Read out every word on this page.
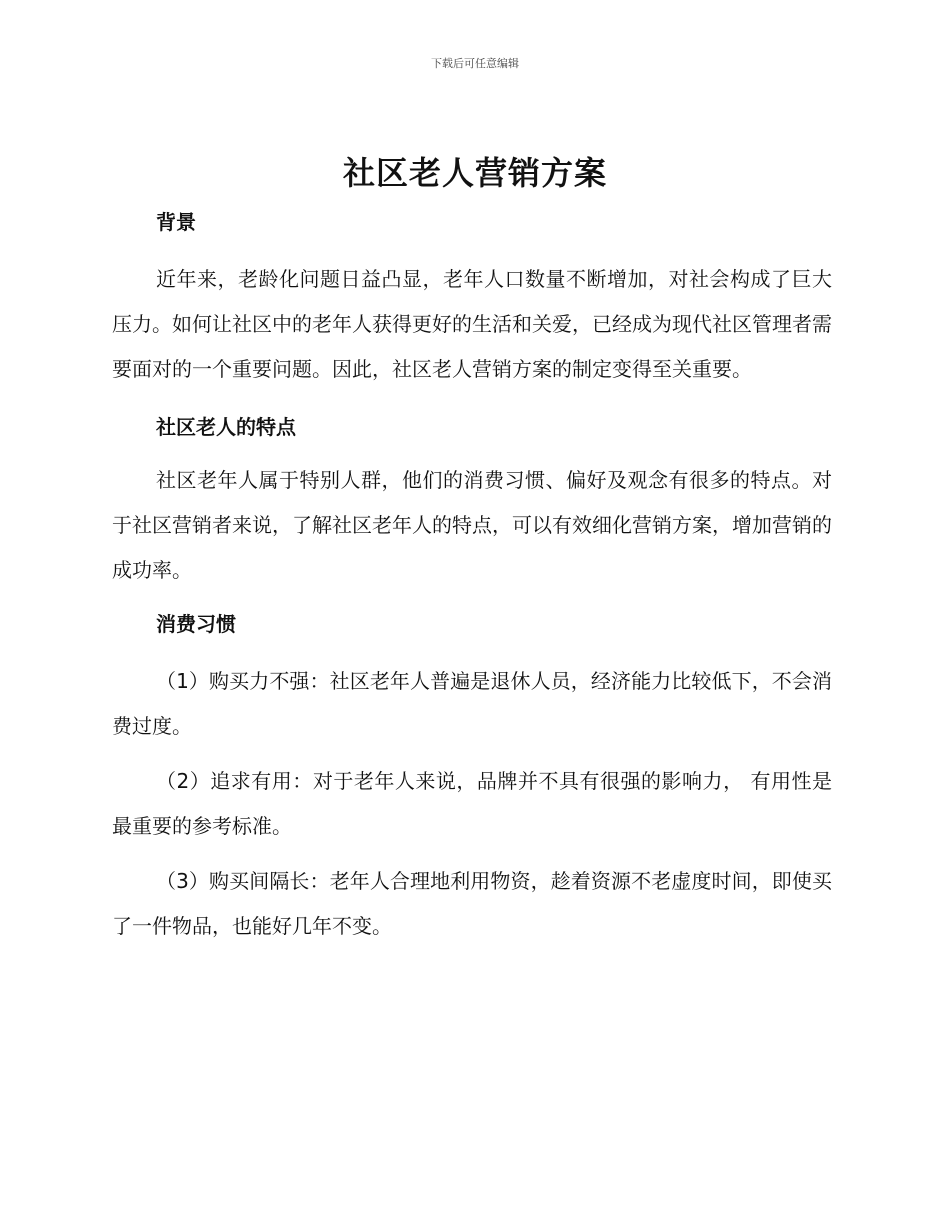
下载后可任意编辑
社区老人营销方案
背景

近年来，老龄化问题日益凸显，老年人口数量不断增加，对社会构成了巨大压力。如何让社区中的老年人获得更好的生活和关爱，已经成为现代社区管理者需要面对的一个重要问题。因此，社区老人营销方案的制定变得至关重要。

社区老人的特点

社区老年人属于特别人群，他们的消费习惯、偏好及观念有很多的特点。对于社区营销者来说，了解社区老年人的特点，可以有效细化营销方案，增加营销的成功率。

消费习惯

（1）购买力不强：社区老年人普遍是退休人员，经济能力比较低下，不会消费过度。

（2）追求有用：对于老年人来说，品牌并不具有很强的影响力， 有用性是最重要的参考标准。

（3）购买间隔长：老年人合理地利用物资，趁着资源不老虚度时间，即使买了一件物品，也能好几年不变。
